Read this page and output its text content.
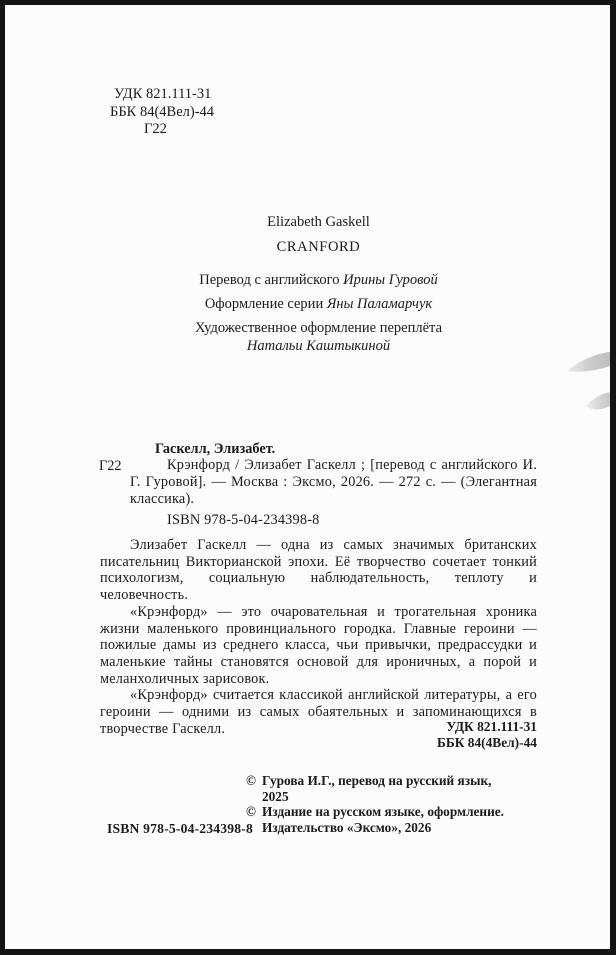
УДК 821.111-31
ББК 84(4Вел)-44
Г22
Elizabeth Gaskell
CRANFORD
Перевод с английского Ирины Гуровой
Оформление серии Яны Паламарчук
Художественное оформление переплёта
Натальи Каштыкиной
Гаскелл, Элизабет.
Г22	Крэнфорд / Элизабет Гаскелл ; [перевод с английского И. Г. Гуровой]. — Москва : Эксмо, 2026. — 272 с. — (Элегантная классика).
ISBN 978-5-04-234398-8

Элизабет Гаскелл — одна из самых значимых британских писательниц Викторианской эпохи. Её творчество сочетает тонкий психологизм, социальную наблюдательность, теплоту и человечность.

«Крэнфорд» — это очаровательная и трогательная хроника жизни маленького провинциального городка. Главные героини — пожилые дамы из среднего класса, чьи привычки, предрассудки и маленькие тайны становятся основой для ироничных, а порой и меланхоличных зарисовок.

«Крэнфорд» считается классикой английской литературы, а его героини — одними из самых обаятельных и запоминающихся в творчестве Гаскелл.	УДК 821.111-31
ББК 84(4Вел)-44
© Гурова И.Г., перевод на русский язык,
2025
© Издание на русском языке, оформление.
Издательство «Эксмо», 2026
ISBN 978-5-04-234398-8
